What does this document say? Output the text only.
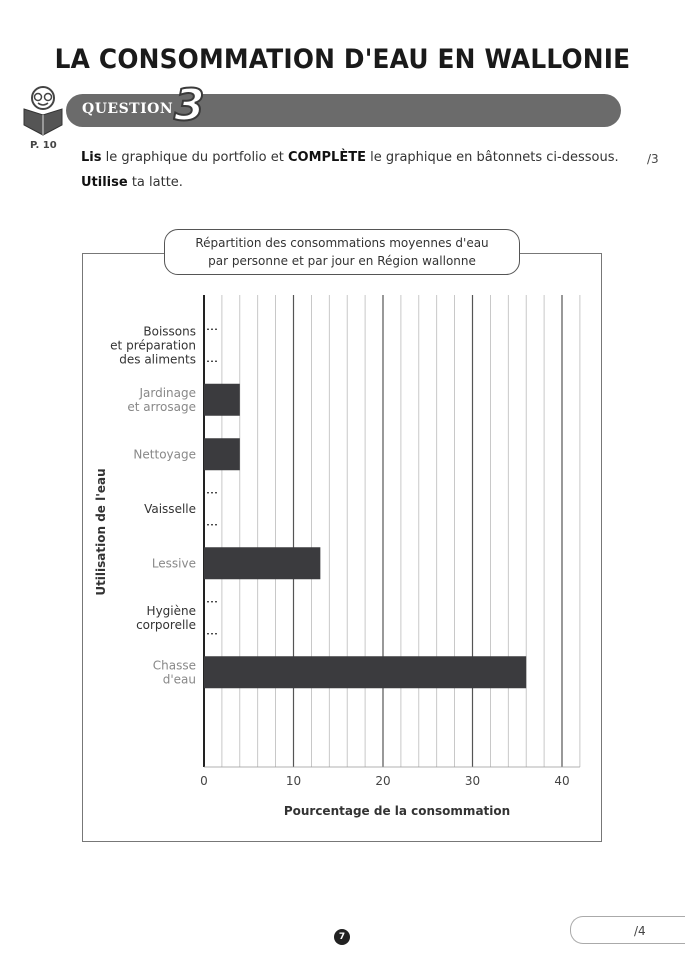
LA CONSOMMATION D'EAU EN WALLONIE
P. 10
QUESTION 3
Lis le graphique du portfolio et COMPLÈTE le graphique en bâtonnets ci-dessous.
Utilise ta latte.
/3
Répartition des consommations moyennes d'eau
par personne et par jour en Région wallonne
0	10	20	30	40
Pourcentage de la consommation
Utilisation de l'eau
Boissons
et préparation
des aliments
Jardinage
et arrosage
Nettoyage
Vaisselle
Lessive
Hygiène
corporelle
Chasse
d'eau
/4
7
